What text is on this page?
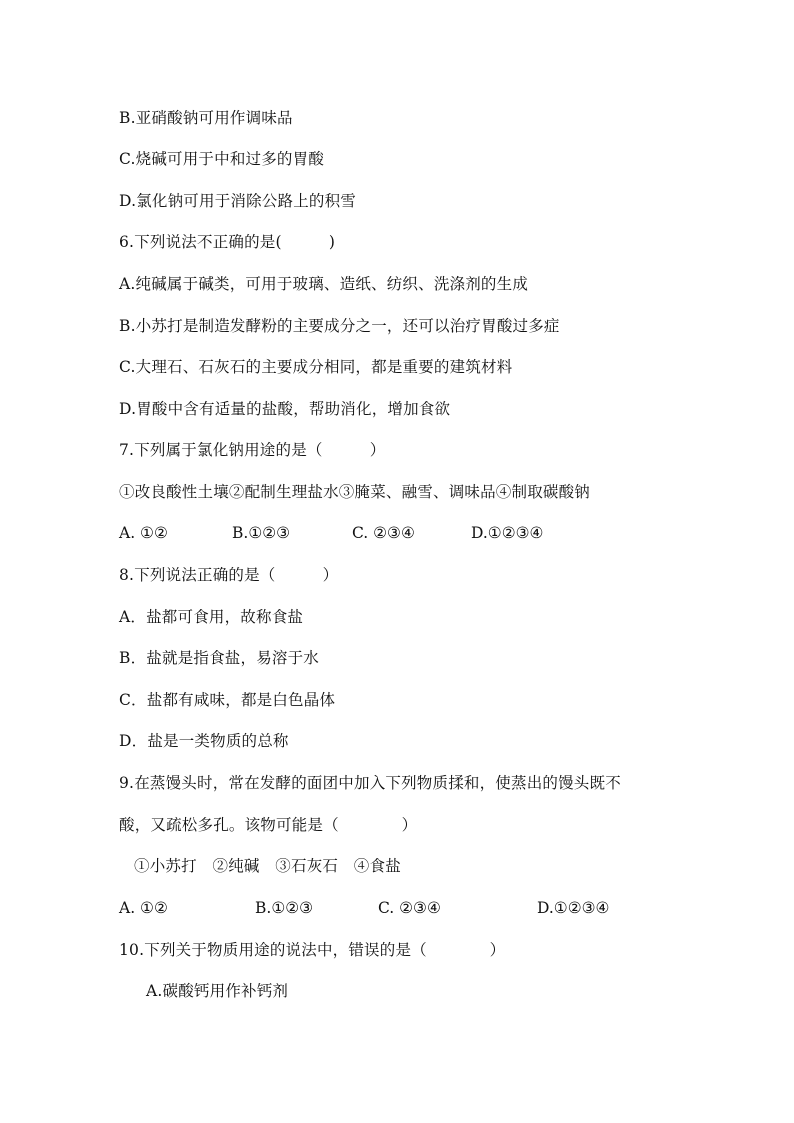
B.亚硝酸钠可用作调味品
C.烧碱可用于中和过多的胃酸
D.氯化钠可用于消除公路上的积雪
6.下列说法不正确的是(　　　)
A.纯碱属于碱类，可用于玻璃、造纸、纺织、洗涤剂的生成
B.小苏打是制造发酵粉的主要成分之一，还可以治疗胃酸过多症
C.大理石、石灰石的主要成分相同，都是重要的建筑材料
D.胃酸中含有适量的盐酸，帮助消化，增加食欲
7.下列属于氯化钠用途的是（　　　）
①改良酸性土壤②配制生理盐水③腌菜、融雪、调味品④制取碳酸钠
A. ①②	B.①②③	C. ②③④	D.①②③④
8.下列说法正确的是（　　　）
A．盐都可食用，故称食盐
B．盐就是指食盐，易溶于水
C．盐都有咸味，都是白色晶体
D．盐是一类物质的总称
9.在蒸馒头时，常在发酵的面团中加入下列物质揉和，使蒸出的馒头既不
酸，又疏松多孔。该物可能是（　　　　）
①小苏打　②纯碱　③石灰石　④食盐
A. ①②	B.①②③	C. ②③④	D.①②③④
10.下列关于物质用途的说法中，错误的是（　　　　）
A.碳酸钙用作补钙剂
